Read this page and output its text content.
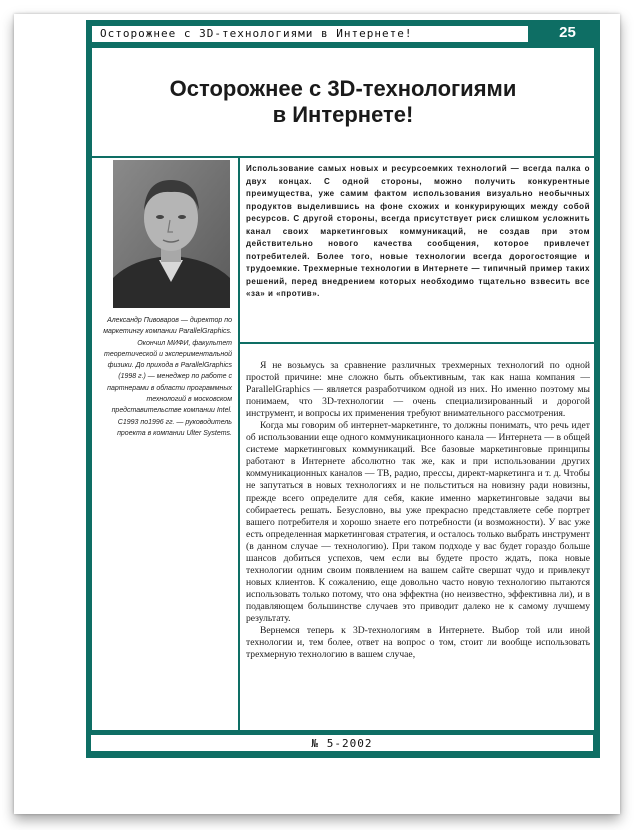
Осторожнее с 3D-технологиями в Интернете!	25
Осторожнее с 3D-технологиями
в Интернете!
Александр Пивоваров — директор по маркетингу компании ParallelGraphics. Окончил МИФИ, факультет теоретической и экспериментальной физики. До прихода в ParallelGraphics (1998 г.) — менеджер по работе с партнерами в области программных технологий в московском представительстве компании Intel. С1993 по1996 гг. — руководитель проекта в компании Ulter Systems.
Использование самых новых и ресурсоемких технологий — всегда палка о двух концах. С одной стороны, можно получить конкурентные преимущества, уже самим фактом использования визуально необычных продуктов выделившись на фоне схожих и конкурирующих между собой ресурсов. С другой стороны, всегда присутствует риск слишком усложнить канал своих маркетинговых коммуникаций, не создав при этом действительно нового качества сообщения, которое привлечет потребителей. Более того, новые технологии всегда дорогостоящие и трудоемкие. Трехмерные технологии в Интернете — типичный пример таких решений, перед внедрением которых необходимо тщательно взвесить все «за» и «против».

Я не возьмусь за сравнение различных трехмерных технологий по одной простой причине: мне сложно быть объективным, так как наша компания — ParallelGraphics — является разработчиком одной из них. Но именно поэтому мы понимаем, что 3D-технологии — очень специализированный и дорогой инструмент, и вопросы их применения требуют внимательного рассмотрения.

Когда мы говорим об интернет-маркетинге, то должны понимать, что речь идет об использовании еще одного коммуникационного канала — Интернета — в общей системе маркетинговых коммуникаций. Все базовые маркетинговые принципы работают в Интернете абсолютно так же, как и при использовании других коммуникационных каналов — ТВ, радио, прессы, директ-маркетинга и т. д. Чтобы не запутаться в новых технологиях и не польститься на новизну ради новизны, прежде всего определите для себя, какие именно маркетинговые задачи вы собираетесь решать. Безусловно, вы уже прекрасно представляете себе портрет вашего потребителя и хорошо знаете его потребности (и возможности). У вас уже есть определенная маркетинговая стратегия, и осталось только выбрать инструмент (в данном случае — технологию). При таком подходе у вас будет гораздо больше шансов добиться успехов, чем если вы будете просто ждать, пока новые технологии одним своим появлением на вашем сайте свершат чудо и привлекут новых клиентов. К сожалению, еще довольно часто новую технологию пытаются использовать только потому, что она эффектна (но неизвестно, эффективна ли), и в подавляющем большинстве случаев это приводит далеко не к самому лучшему результату.

Вернемся теперь к 3D-технологиям в Интернете. Выбор той или иной технологии и, тем более, ответ на вопрос о том, стоит ли вообще использовать трехмерную технологию в вашем случае,

№ 5-2002
